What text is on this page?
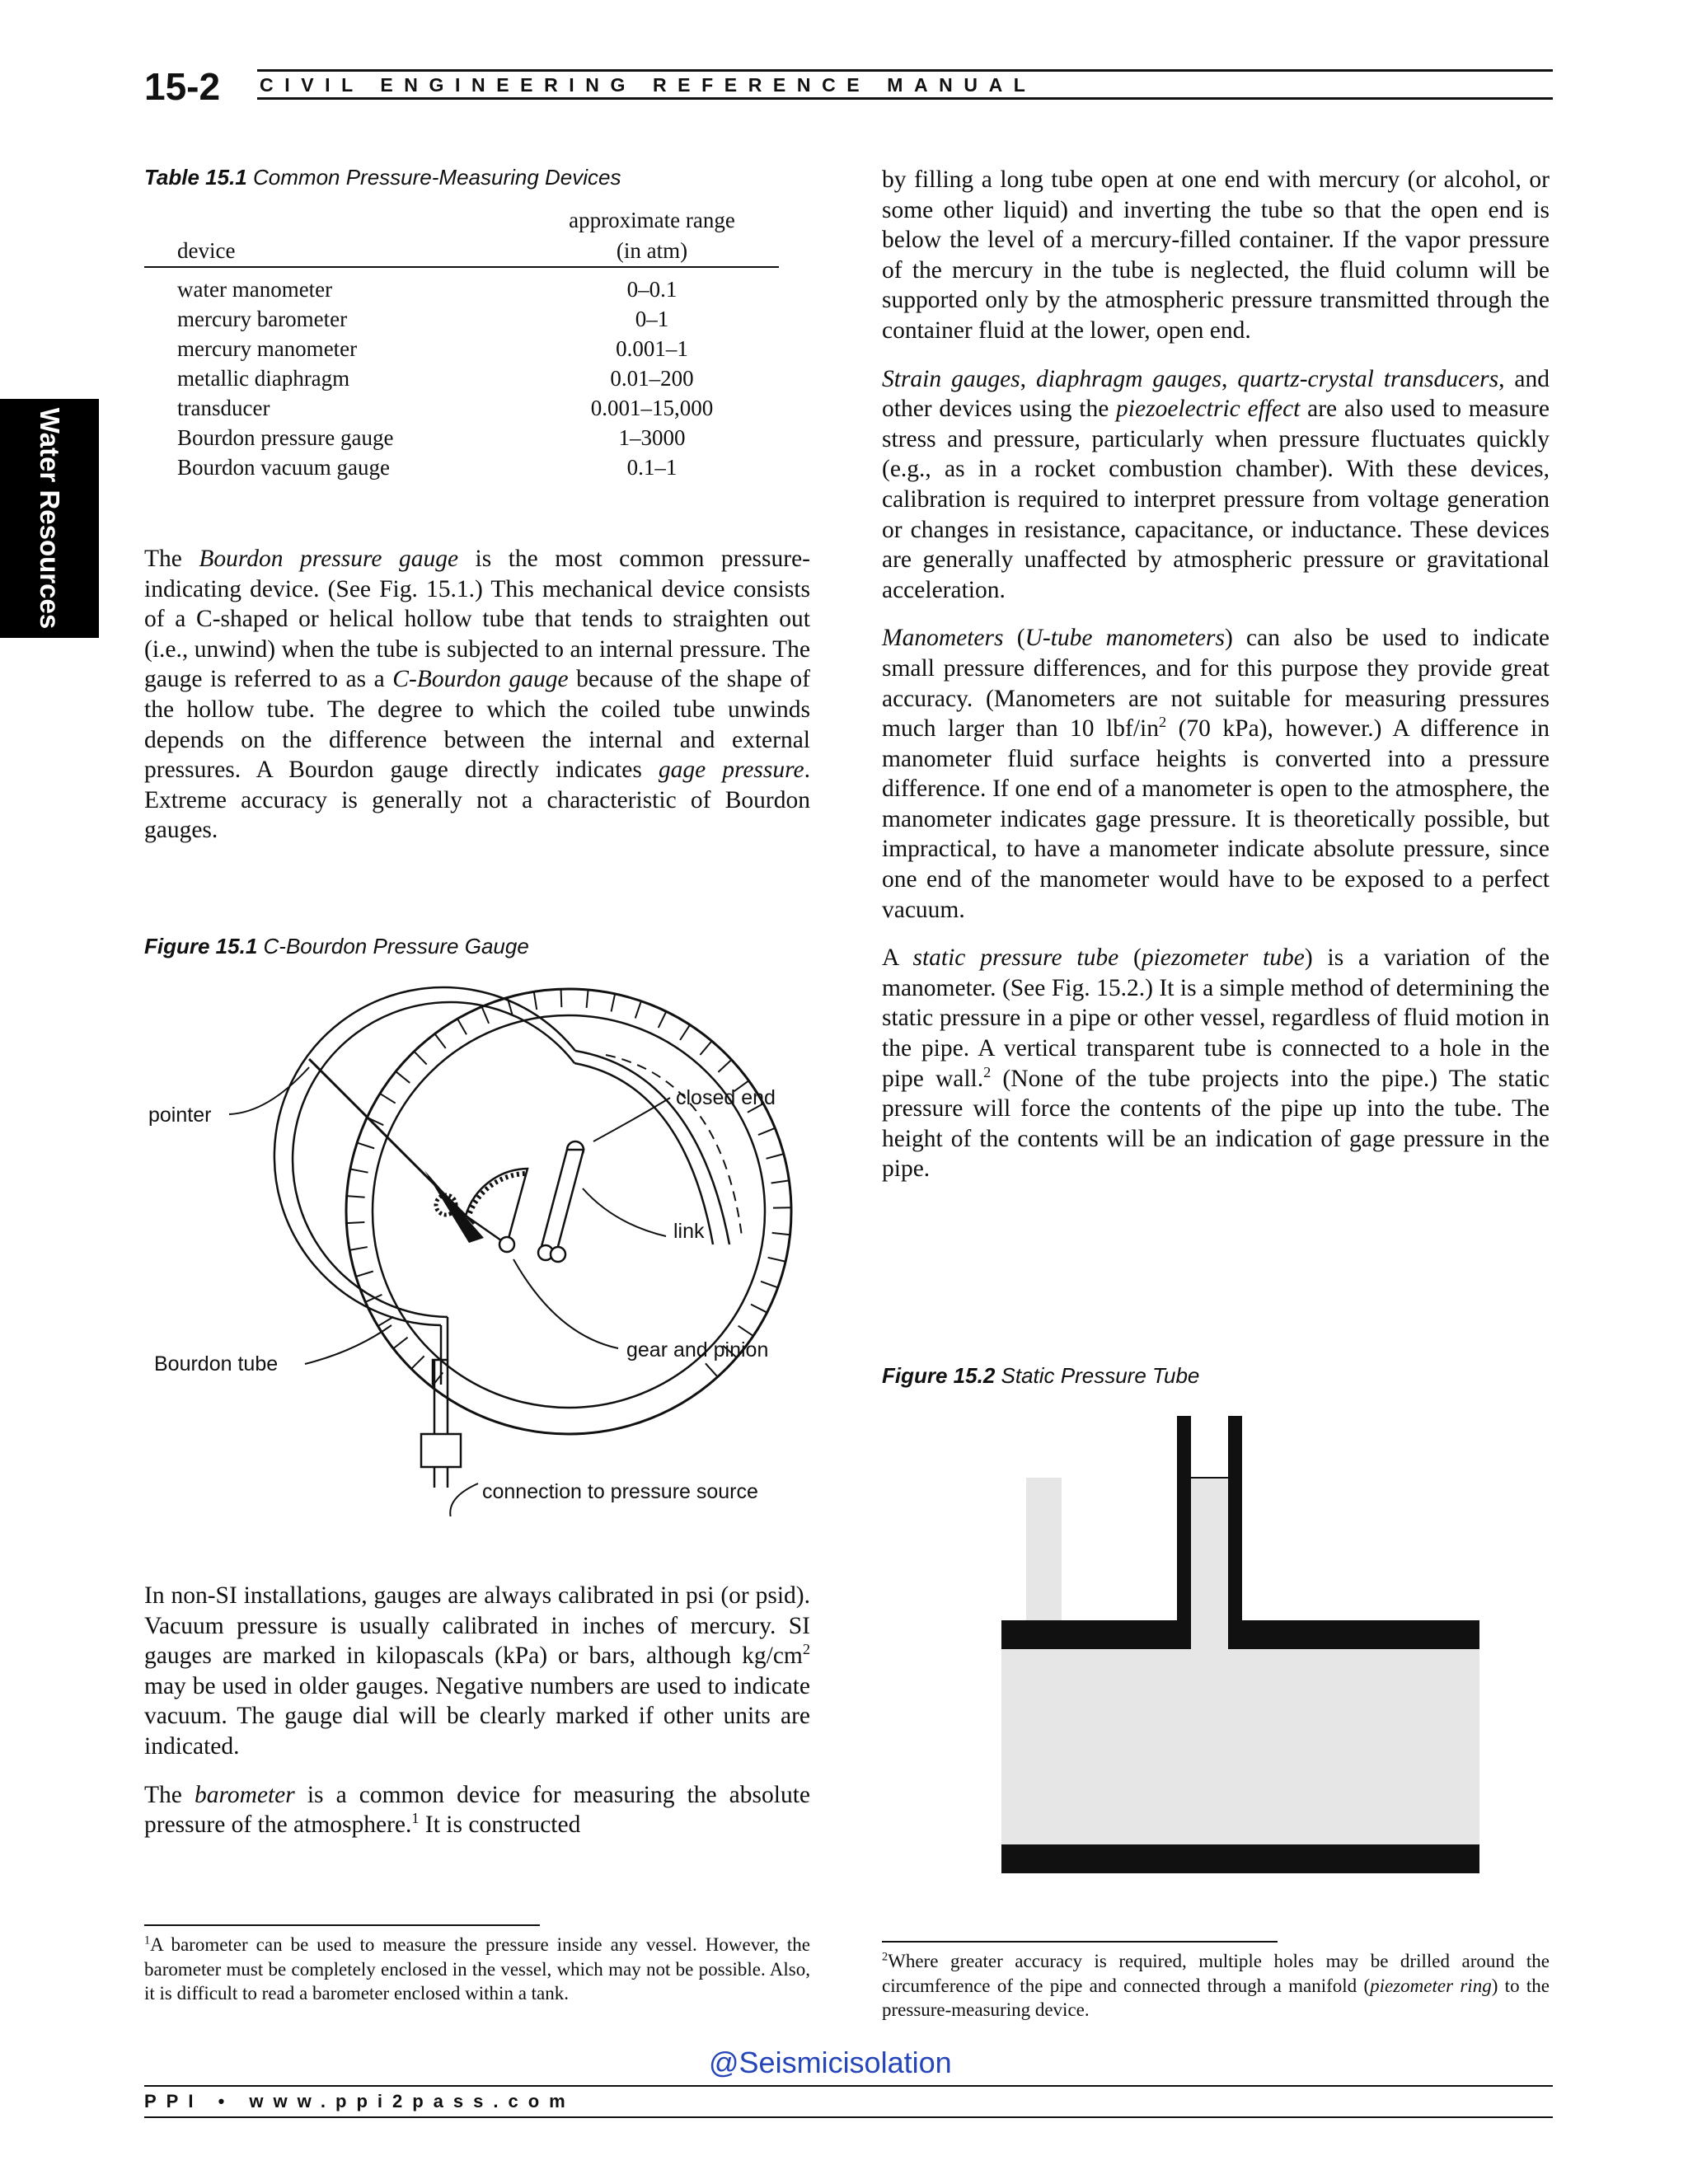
15-2 CIVIL ENGINEERING REFERENCE MANUAL
Water Resources
Table 15.1 Common Pressure-Measuring Devices
device	approximate range
(in atm)

water manometer	0–0.1
mercury barometer	0–1
mercury manometer	0.001–1
metallic diaphragm	0.01–200
transducer	0.001–15,000
Bourdon pressure gauge	1–3000
Bourdon vacuum gauge	0.1–1

The Bourdon pressure gauge is the most common pressure-indicating device. (See Fig. 15.1.) This mechanical device consists of a C-shaped or helical hollow tube that tends to straighten out (i.e., unwind) when the tube is subjected to an internal pressure. The gauge is referred to as a C-Bourdon gauge because of the shape of the hollow tube. The degree to which the coiled tube unwinds depends on the difference between the internal and external pressures. A Bourdon gauge directly indicates gage pressure. Extreme accuracy is generally not a characteristic of Bourdon gauges.

Figure 15.1 C-Bourdon Pressure Gauge
pointer
closed end
link
gear and pinion
Bourdon tube
connection to pressure source

In non-SI installations, gauges are always calibrated in psi (or psid). Vacuum pressure is usually calibrated in inches of mercury. SI gauges are marked in kilopascals (kPa) or bars, although $kg/cm^2$ may be used in older gauges. Negative numbers are used to indicate vacuum. The gauge dial will be clearly marked if other units are indicated.

The barometer is a common device for measuring the absolute pressure of the atmosphere.$^1$ It is constructed

$^1$A barometer can be used to measure the pressure inside any vessel. However, the barometer must be completely enclosed in the vessel, which may not be possible. Also, it is difficult to read a barometer enclosed within a tank.

by filling a long tube open at one end with mercury (or alcohol, or some other liquid) and inverting the tube so that the open end is below the level of a mercury-filled container. If the vapor pressure of the mercury in the tube is neglected, the fluid column will be supported only by the atmospheric pressure transmitted through the container fluid at the lower, open end.

Strain gauges, diaphragm gauges, quartz-crystal transducers, and other devices using the piezoelectric effect are also used to measure stress and pressure, particularly when pressure fluctuates quickly (e.g., as in a rocket combustion chamber). With these devices, calibration is required to interpret pressure from voltage generation or changes in resistance, capacitance, or inductance. These devices are generally unaffected by atmospheric pressure or gravitational acceleration.

Manometers (U-tube manometers) can also be used to indicate small pressure differences, and for this purpose they provide great accuracy. (Manometers are not suitable for measuring pressures much larger than 10 lbf/$in^2$ (70 kPa), however.) A difference in manometer fluid surface heights is converted into a pressure difference. If one end of a manometer is open to the atmosphere, the manometer indicates gage pressure. It is theoretically possible, but impractical, to have a manometer indicate absolute pressure, since one end of the manometer would have to be exposed to a perfect vacuum.

A static pressure tube (piezometer tube) is a variation of the manometer. (See Fig. 15.2.) It is a simple method of determining the static pressure in a pipe or other vessel, regardless of fluid motion in the pipe. A vertical transparent tube is connected to a hole in the pipe wall.$^2$ (None of the tube projects into the pipe.) The static pressure will force the contents of the pipe up into the tube. The height of the contents will be an indication of gage pressure in the pipe.

Figure 15.2 Static Pressure Tube

$^2$Where greater accuracy is required, multiple holes may be drilled around the circumference of the pipe and connected through a manifold (piezometer ring) to the pressure-measuring device.

@Seismicisolation
PPI • www.ppi2pass.com
